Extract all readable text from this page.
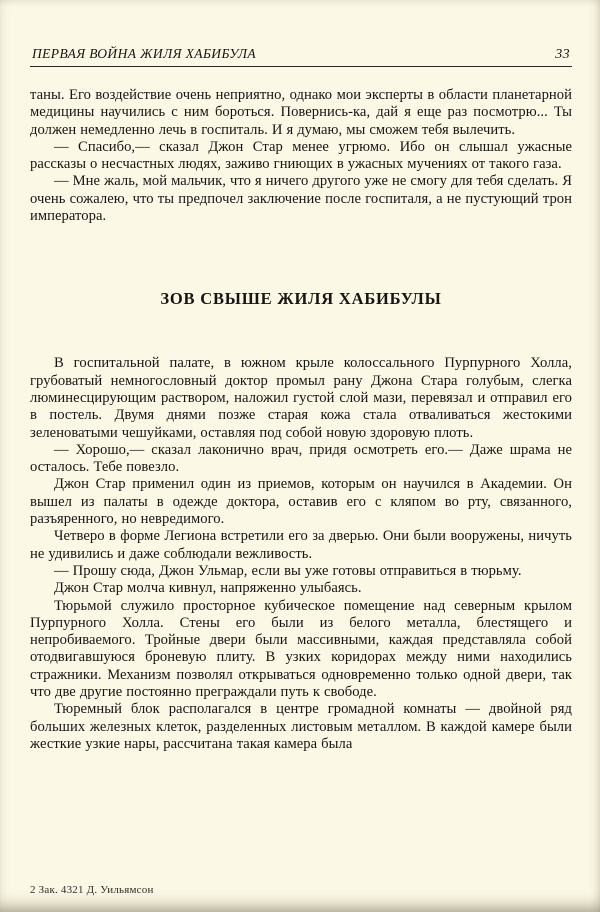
ПЕРВАЯ ВОЙНА ЖИЛЯ ХАБИБУЛА	33

таны. Его воздействие очень неприятно, однако мои эксперты в области планетарной медицины научились с ним бороться. Повернись-ка, дай я еще раз посмотрю... Ты должен немедленно лечь в госпиталь. И я думаю, мы сможем тебя вылечить.

— Спасибо,— сказал Джон Стар менее угрюмо. Ибо он слышал ужасные рассказы о несчастных людях, заживо гниющих в ужасных мучениях от такого газа.

— Мне жаль, мой мальчик, что я ничего другого уже не смогу для тебя сделать. Я очень сожалею, что ты предпочел заключение после госпиталя, а не пустующий трон императора.

ЗОВ СВЫШЕ ЖИЛЯ ХАБИБУЛЫ

В госпитальной палате, в южном крыле колоссального Пурпурного Холла, грубоватый немногословный доктор промыл рану Джона Стара голубым, слегка люминесцирующим раствором, наложил густой слой мази, перевязал и отправил его в постель. Двумя днями позже старая кожа стала отваливаться жестокими зеленоватыми чешуйками, оставляя под собой новую здоровую плоть.

— Хорошо,— сказал лаконично врач, придя осмотреть его.— Даже шрама не осталось. Тебе повезло.

Джон Стар применил один из приемов, которым он научился в Академии. Он вышел из палаты в одежде доктора, оставив его с кляпом во рту, связанного, разъяренного, но невредимого.

Четверо в форме Легиона встретили его за дверью. Они были вооружены, ничуть не удивились и даже соблюдали вежливость.

— Прошу сюда, Джон Ульмар, если вы уже готовы отправиться в тюрьму.

Джон Стар молча кивнул, напряженно улыбаясь.

Тюрьмой служило просторное кубическое помещение над северным крылом Пурпурного Холла. Стены его были из белого металла, блестящего и непробиваемого. Тройные двери были массивными, каждая представляла собой отодвигавшуюся броневую плиту. В узких коридорах между ними находились стражники. Механизм позволял открываться одновременно только одной двери, так что две другие постоянно преграждали путь к свободе.

Тюремный блок располагался в центре громадной комнаты — двойной ряд больших железных клеток, разделенных листовым металлом. В каждой камере были жесткие узкие нары, рассчитана такая камера была

2 Зак. 4321 Д. Уильямсон
